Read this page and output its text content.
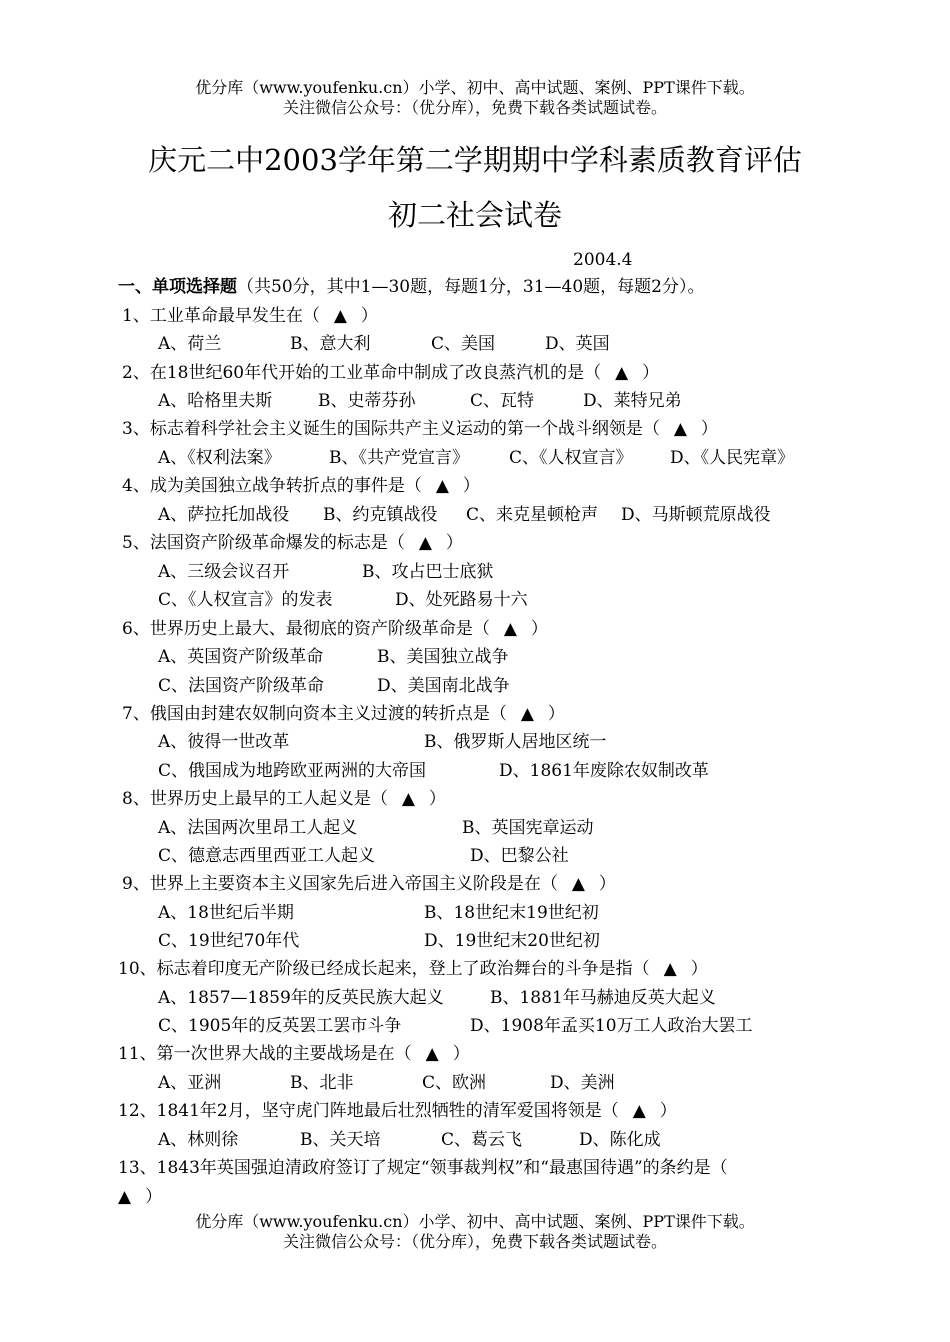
优分库（www.youfenku.cn）小学、初中、高中试题、案例、PPT课件下载。
关注微信公众号：（优分库），免费下载各类试题试卷。
庆元二中2003学年第二学期期中学科素质教育评估
初二社会试卷
2004.4
一、单项选择题（共50分，其中1—30题，每题1分，31—40题，每题2分）。
1、工业革命最早发生在（ ▲ ）
A、荷兰	B、意大利	C、美国	D、英国
2、在18世纪60年代开始的工业革命中制成了改良蒸汽机的是（ ▲ ）
A、哈格里夫斯	B、史蒂芬孙	C、瓦特	D、莱特兄弟
3、标志着科学社会主义诞生的国际共产主义运动的第一个战斗纲领是（ ▲ ）
A、《权利法案》	B、《共产党宣言》 C、《人权宣言》 D、《人民宪章》
4、成为美国独立战争转折点的事件是（ ▲ ）
A、萨拉托加战役 B、约克镇战役 C、来克星顿枪声 D、马斯顿荒原战役
5、法国资产阶级革命爆发的标志是（ ▲ ）
A、三级会议召开	B、攻占巴士底狱
C、《人权宣言》的发表	D、处死路易十六
6、世界历史上最大、最彻底的资产阶级革命是（ ▲ ）
A、英国资产阶级革命	B、美国独立战争
C、法国资产阶级革命	D、美国南北战争
7、俄国由封建农奴制向资本主义过渡的转折点是（ ▲ ）
A、彼得一世改革	B、俄罗斯人居地区统一
C、俄国成为地跨欧亚两洲的大帝国	D、1861年废除农奴制改革
8、世界历史上最早的工人起义是（ ▲ ）
A、法国两次里昂工人起义	B、英国宪章运动
C、德意志西里西亚工人起义	D、巴黎公社
9、世界上主要资本主义国家先后进入帝国主义阶段是在（ ▲ ）
A、18世纪后半期	B、18世纪末19世纪初
C、19世纪70年代	D、19世纪末20世纪初
10、标志着印度无产阶级已经成长起来，登上了政治舞台的斗争是指（ ▲ ）
A、1857—1859年的反英民族大起义	B、1881年马赫迪反英大起义
C、1905年的反英罢工罢市斗争	D、1908年孟买10万工人政治大罢工
11、第一次世界大战的主要战场是在（ ▲ ）
A、亚洲	B、北非	C、欧洲	D、美洲
12、1841年2月，坚守虎门阵地最后壮烈牺牲的清军爱国将领是（ ▲ ）
A、林则徐	B、关天培	C、葛云飞	D、陈化成
13、1843年英国强迫清政府签订了规定“领事裁判权”和“最惠国待遇”的条约是（
▲ ）
优分库（www.youfenku.cn）小学、初中、高中试题、案例、PPT课件下载。
关注微信公众号：（优分库），免费下载各类试题试卷。
